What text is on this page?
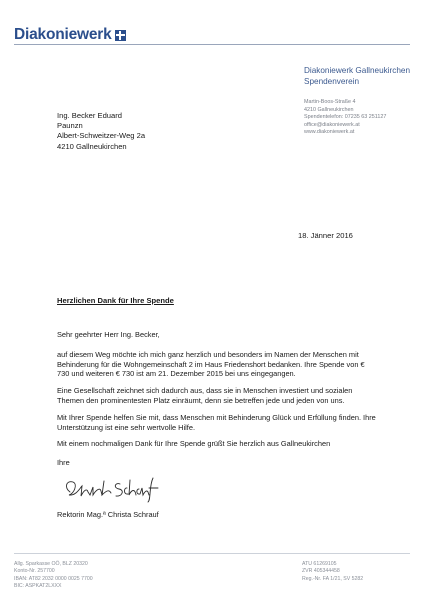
Diakoniewerk
Diakoniewerk Gallneukirchen
Spendenverein
Martin-Boos-Straße 4
4210 Gallneukirchen
Spendentelefon: 07235 63 251127
office@diakoniewerk.at
www.diakoniewerk.at
Ing. Becker Eduard
Paunzn
Albert-Schweitzer-Weg 2a
4210 Gallneukirchen
18. Jänner 2016
Herzlichen Dank für Ihre Spende

Sehr geehrter Herr Ing. Becker,

auf diesem Weg möchte ich mich ganz herzlich und besonders im Namen der Menschen mit Behinderung für die Wohngemeinschaft 2 im Haus Friedenshort bedanken. Ihre Spende von € 730 und weiteren € 730 ist am 21. Dezember 2015 bei uns eingegangen.

Eine Gesellschaft zeichnet sich dadurch aus, dass sie in Menschen investiert und sozialen Themen den prominentesten Platz einräumt, denn sie betreffen jede und jeden von uns.

Mit Ihrer Spende helfen Sie mit, dass Menschen mit Behinderung Glück und Erfüllung finden. Ihre Unterstützung ist eine sehr wertvolle Hilfe.

Mit einem nochmaligen Dank für Ihre Spende grüßt Sie herzlich aus Gallneukirchen

Ihre
Rektorin Mag.ª Christa Schrauf
Allg. Sparkasse OÖ, BLZ 20320
Konto-Nr. 257700
IBAN: AT82 2032 0000 0025 7700
BIC: ASPKAT2LXXX
ATU 61269105
ZVR 405344458
Reg.-Nr. FA 1/21, SV 5282
